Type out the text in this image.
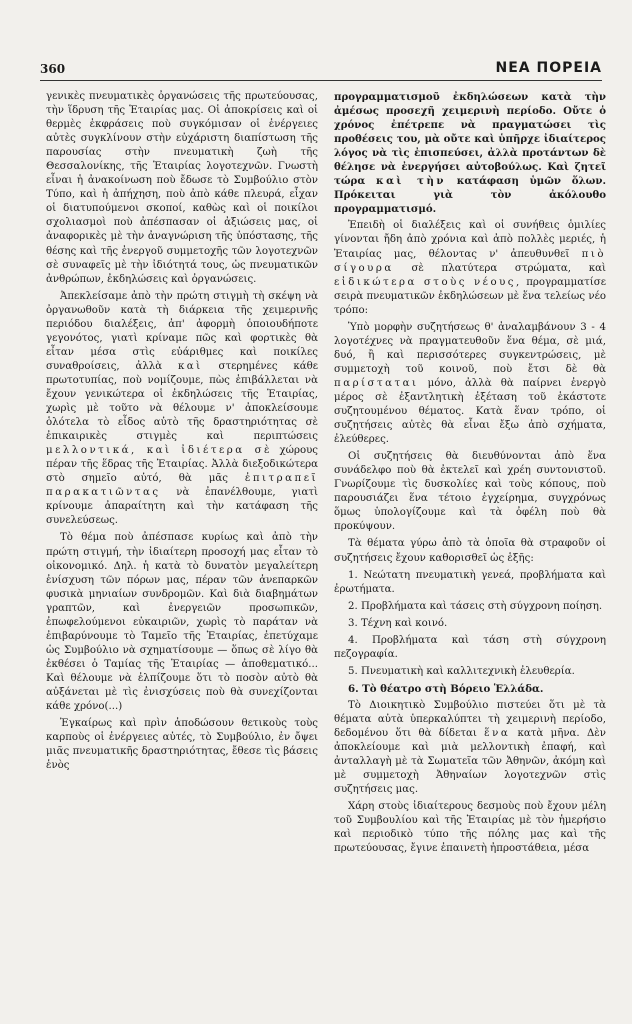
360	ΝΕΑ ΠΟΡΕΙΑ

γενικὲς πνευματικὲς ὀργανώσεις τῆς πρωτεύουσας, τὴν ἵδρυση τῆς Ἑταιρίας μας. Οἱ ἀποκρίσεις καὶ οἱ θερμὲς ἐκφράσεις ποὺ συγκόμισαν οἱ ἐνέργειες αὐτὲς συγκλίνουν στὴν εὐχάριστη διαπίστωση τῆς παρουσίας στὴν πνευματικὴ ζωὴ τῆς Θεσσαλονίκης, τῆς Ἑταιρίας λογοτεχνῶν. Γνωστὴ εἶναι ἡ ἀνακοίνωση ποὺ ἔδωσε τὸ Συμβούλιο στὸν Τύπο, καὶ ἡ ἀπήχηση, ποὺ ἀπὸ κάθε πλευρά, εἶχαν οἱ διατυπούμενοι σκοποί, καθὼς καὶ οἱ ποικίλοι σχολιασμοὶ ποὺ ἀπέσπασαν οἱ ἀξιώσεις μας, οἱ ἀναφορικὲς μὲ τὴν ἀναγνώριση τῆς ὑπόστασης, τῆς θέσης καὶ τῆς ἐνεργοῦ συμμετοχῆς τῶν λογοτεχνῶν σὲ συναφεῖς μὲ τὴν ἰδιότητά τους, ὡς πνευματικῶν ἀνθρώπων, ἐκδηλώσεις καὶ ὀργανώσεις.

Ἀπεκλείσαμε ἀπὸ τὴν πρώτη στιγμὴ τὴ σκέψη νὰ ὀργανωθοῦν κατὰ τὴ διάρκεια τῆς χειμερινῆς περιόδου διαλέξεις, ἀπ' ἀφορμὴ ὁποιουδήποτε γεγονότος, γιατὶ κρίναμε πῶς καὶ φορτικὲς θὰ εἶταν μέσα στὶς εὐάριθμες καὶ ποικίλες συναθροίσεις, ἀλλὰ καὶ στερημένες κάθε πρωτοτυπίας, ποὺ νομίζουμε, πὼς ἐπιβάλλεται νὰ ἔχουν γενικώτερα οἱ ἐκδηλώσεις τῆς Ἑταιρίας, χωρὶς μὲ τοῦτο νὰ θέλουμε ν' ἀποκλείσουμε ὁλότελα τὸ εἶδος αὐτὸ τῆς δραστηριότητας σὲ ἐπικαιρικὲς στιγμὲς καὶ περιπτώσεις μελλοντικά, καὶ ἰδιέτερα σὲ χώρους πέραν τῆς ἕδρας τῆς Ἑταιρίας. Ἀλλὰ διεξοδικώτερα στὸ σημεῖο αὐτό, θὰ μᾶς ἐπιτραπεῖ παρακατιῶντας νὰ ἐπανέλθουμε, γιατὶ κρίνουμε ἀπαραίτητη καὶ τὴν κατάφαση τῆς συνελεύσεως.

Τὸ θέμα ποὺ ἀπέσπασε κυρίως καὶ ἀπὸ τὴν πρώτη στιγμή, τὴν ἰδιαίτερη προσοχή μας εἶταν τὸ οἰκονομικό. Δηλ. ἡ κατὰ τὸ δυνατὸν μεγαλείτερη ἐνίσχυση τῶν πόρων μας, πέραν τῶν ἀνεπαρκῶν φυσικὰ μηνιαίων συνδρομῶν. Καὶ διὰ διαβημάτων γραπτῶν, καὶ ἐνεργειῶν προσωπικῶν, ἐπωφελούμενοι εὐκαιριῶν, χωρὶς τὸ παράταν νὰ ἐπιβαρύνουμε τὸ Ταμεῖο τῆς Ἑταιρίας, ἐπετύχαμε ὡς Συμβούλιο νὰ σχηματίσουμε — ὅπως σὲ λίγο θὰ ἐκθέσει ὁ Ταμίας τῆς Ἑταιρίας — ἀποθεματικό... Καὶ θέλουμε νὰ ἐλπίζουμε ὅτι τὸ ποσὸν αὐτὸ θὰ αὐξάνεται μὲ τὶς ἐνισχύσεις ποὺ θὰ συνεχίζονται κάθε χρόνο(...)

Ἐγκαίρως καὶ πρὶν ἀποδώσουν θετικοὺς τοὺς καρποὺς οἱ ἐνέργειες αὐτές, τὸ Συμβούλιο, ἐν ὄψει μιᾶς πνευματικῆς δραστηριότητας, ἔθεσε τὶς βάσεις ἑνὸς

προγραμματισμοῦ ἐκδηλώσεων κατὰ τὴν ἀμέσως προσεχῆ χειμερινὴ περίοδο. Οὔτε ὁ χρόνος ἐπέτρεπε νὰ πραγματώσει τὶς προθέσεις του, μὰ οὔτε καὶ ὑπῆρχε ἰδιαίτερος λόγος νὰ τὶς ἐπισπεύσει, ἀλλὰ προτάντων δὲ θέλησε νὰ ἐνεργήσει αὐτοβούλως. Καὶ ζητεῖ τώρα καὶ τὴν κατάφαση ὑμῶν ὅλων. Πρόκειται γιὰ τὸν ἀκόλουθο προγραμματισμό.

Ἐπειδὴ οἱ διαλέξεις καὶ οἱ συνήθεις ὁμιλίες γίνονται ἤδη ἀπὸ χρόνια καὶ ἀπὸ πολλὲς μεριές, ἡ Ἑταιρίας μας, θέλοντας ν' ἀπευθυνθεῖ πιὸ σίγουρα σὲ πλατύτερα στρώματα, καὶ εἰδικώτερα στοὺς νέους, προγραμματίσε σειρὰ πνευματικῶν ἐκδηλώσεων μὲ ἕνα τελείως νέο τρόπο:

Ὑπὸ μορφὴν συζητήσεως θ' ἀναλαμβάνουν 3 - 4 λογοτέχνες νὰ πραγματευθοῦν ἕνα θέμα, σὲ μιά, δυό, ἢ καὶ περισσότερες συγκεντρώσεις, μὲ συμμετοχὴ τοῦ κοινοῦ, ποὺ ἔτσι δὲ θὰ παρίσταται μόνο, ἀλλὰ θὰ παίρνει ἐνεργὸ μέρος σὲ ἐξαντλητικὴ ἐξέταση τοῦ ἑκάστοτε συζητουμένου θέματος. Κατὰ ἕναν τρόπο, οἱ συζητήσεις αὐτὲς θὰ εἶναι ἔξω ἀπὸ σχήματα, ἐλεύθερες.

Οἱ συζητήσεις θὰ διευθύνονται ἀπὸ ἕνα συνάδελφο ποὺ θὰ ἐκτελεῖ καὶ χρέη συντονιστοῦ. Γνωρίζουμε τὶς δυσκολίες καὶ τοὺς κόπους, ποὺ παρουσιάζει ἕνα τέτοιο ἐγχείρημα, συγχρόνως ὅμως ὑπολογίζουμε καὶ τὰ ὀφέλη ποὺ θὰ προκύψουν.

Τὰ θέματα γύρω ἀπὸ τὰ ὁποῖα θὰ στραφοῦν οἱ συζητήσεις ἔχουν καθορισθεῖ ὡς ἑξῆς:

1. Νεώτατη πνευματικὴ γενεά, προβλήματα καὶ ἐρωτήματα.

2. Προβλήματα καὶ τάσεις στὴ σύγχρονη ποίηση.

3. Τέχνη καὶ κοινό.

4. Προβλήματα καὶ τάση στὴ σύγχρονη πεζογραφία.

5. Πνευματικὴ καὶ καλλιτεχνικὴ ἐλευθερία.

6. Τὸ θέατρο στὴ Βόρειο Ἑλλάδα.

Τὸ Διοικητικὸ Συμβούλιο πιστεύει ὅτι μὲ τὰ θέματα αὐτὰ ὑπερκαλύπτει τὴ χειμερινὴ περίοδο, δεδομένου ὅτι θὰ δίδεται ἕνα κατὰ μῆνα. Δὲν ἀποκλείουμε καὶ μιὰ μελλοντικὴ ἐπαφή, καὶ ἀνταλλαγὴ μὲ τὰ Σωματεῖα τῶν Ἀθηνῶν, ἀκόμη καὶ μὲ συμμετοχὴ Ἀθηναίων λογοτεχνῶν στὶς συζητήσεις μας.

Χάρη στοὺς ἰδιαίτερους δεσμοὺς ποὺ ἔχουν μέλη τοῦ Συμβουλίου καὶ τῆς Ἑταιρίας μὲ τὸν ἡμερήσιο καὶ περιοδικὸ τύπο τῆς πόλης μας καὶ τῆς πρωτεύουσας, ἔγινε ἐπαινετὴ ἠπροστάθεια, μέσα
